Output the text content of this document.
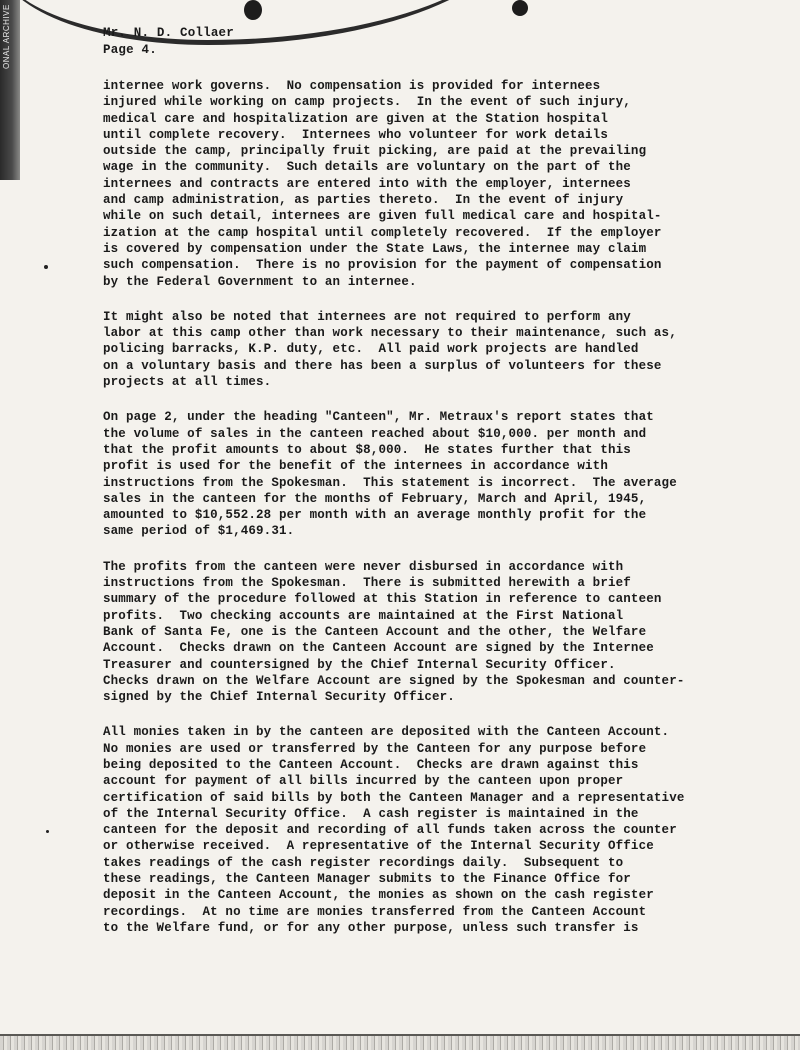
ONAL ARCHIVE	Mr. N. D. Collaer
Page 4.
internee work governs.  No compensation is provided for internees
injured while working on camp projects.  In the event of such injury,
medical care and hospitalization are given at the Station hospital
until complete recovery.  Internees who volunteer for work details
outside the camp, principally fruit picking, are paid at the prevailing
wage in the community.  Such details are voluntary on the part of the
internees and contracts are entered into with the employer, internees
and camp administration, as parties thereto.  In the event of injury
while on such detail, internees are given full medical care and hospital-
ization at the camp hospital until completely recovered.  If the employer
is covered by compensation under the State Laws, the internee may claim
such compensation.  There is no provision for the payment of compensation
by the Federal Government to an internee.
It might also be noted that internees are not required to perform any
labor at this camp other than work necessary to their maintenance, such as,
policing barracks, K.P. duty, etc.  All paid work projects are handled
on a voluntary basis and there has been a surplus of volunteers for these
projects at all times.
On page 2, under the heading "Canteen", Mr. Metraux's report states that
the volume of sales in the canteen reached about $10,000. per month and
that the profit amounts to about $8,000.  He states further that this
profit is used for the benefit of the internees in accordance with
instructions from the Spokesman.  This statement is incorrect.  The average
sales in the canteen for the months of February, March and April, 1945,
amounted to $10,552.28 per month with an average monthly profit for the
same period of $1,469.31.
The profits from the canteen were never disbursed in accordance with
instructions from the Spokesman.  There is submitted herewith a brief
summary of the procedure followed at this Station in reference to canteen
profits.  Two checking accounts are maintained at the First National
Bank of Santa Fe, one is the Canteen Account and the other, the Welfare
Account.  Checks drawn on the Canteen Account are signed by the Internee
Treasurer and countersigned by the Chief Internal Security Officer.
Checks drawn on the Welfare Account are signed by the Spokesman and counter-
signed by the Chief Internal Security Officer.
All monies taken in by the canteen are deposited with the Canteen Account.
No monies are used or transferred by the Canteen for any purpose before
being deposited to the Canteen Account.  Checks are drawn against this
account for payment of all bills incurred by the canteen upon proper
certification of said bills by both the Canteen Manager and a representative
of the Internal Security Office.  A cash register is maintained in the
canteen for the deposit and recording of all funds taken across the counter
or otherwise received.  A representative of the Internal Security Office
takes readings of the cash register recordings daily.  Subsequent to
these readings, the Canteen Manager submits to the Finance Office for
deposit in the Canteen Account, the monies as shown on the cash register
recordings.  At no time are monies transferred from the Canteen Account
to the Welfare fund, or for any other purpose, unless such transfer is
